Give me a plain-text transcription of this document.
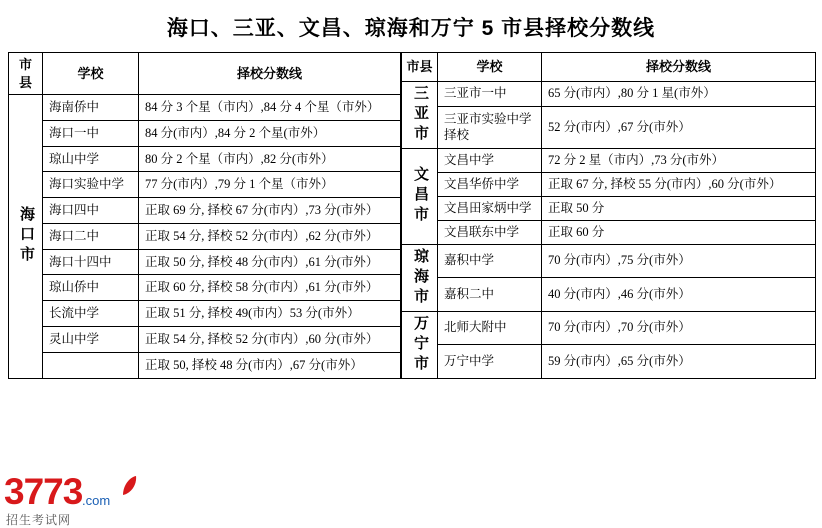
海口、三亚、文昌、琼海和万宁 5 市县择校分数线
市县	学校	择校分数线

海口市	海南侨中	84 分 3 个星（市内）,84 分 4 个星（市外）
	海口一中	84 分(市内）,84 分 2 个星(市外）
	琼山中学	80 分 2 个星（市内）,82 分(市外）
	海口实验中学	77 分(市内）,79 分 1 个星（市外）
	海口四中	正取 69 分, 择校 67 分(市内）,73 分(市外）
	海口二中	正取 54 分, 择校 52 分(市内）,62 分(市外）
	海口十四中	正取 50 分, 择校 48 分(市内）,61 分(市外）
	琼山侨中	正取 60 分, 择校 58 分(市内）,61 分(市外）
	长流中学	正取 51 分, 择校 49(市内）53 分(市外）
	灵山中学	正取 54 分, 择校 52 分(市内）,60 分(市外）
		正取 50, 择校 48 分(市内）,67 分(市外）
市县	学校	择校分数线

三亚市	三亚市一中	65 分(市内）,80 分 1 星(市外）
	三亚市实验中学择校	52 分(市内）,67 分(市外）

文昌市	文昌中学	72 分 2 星（市内）,73 分(市外）
	文昌华侨中学	正取 67 分, 择校 55 分(市内）,60 分(市外）
	文昌田家炳中学	正取 50 分
	文昌联东中学	正取 60 分

琼海市	嘉积中学	70 分(市内）,75 分(市外）
	嘉积二中	40 分(市内）,46 分(市外）

万宁市	北师大附中	70 分(市内）,70 分(市外）
	万宁中学	59 分(市内）,65 分(市外）
3773 .com
招生考试网
